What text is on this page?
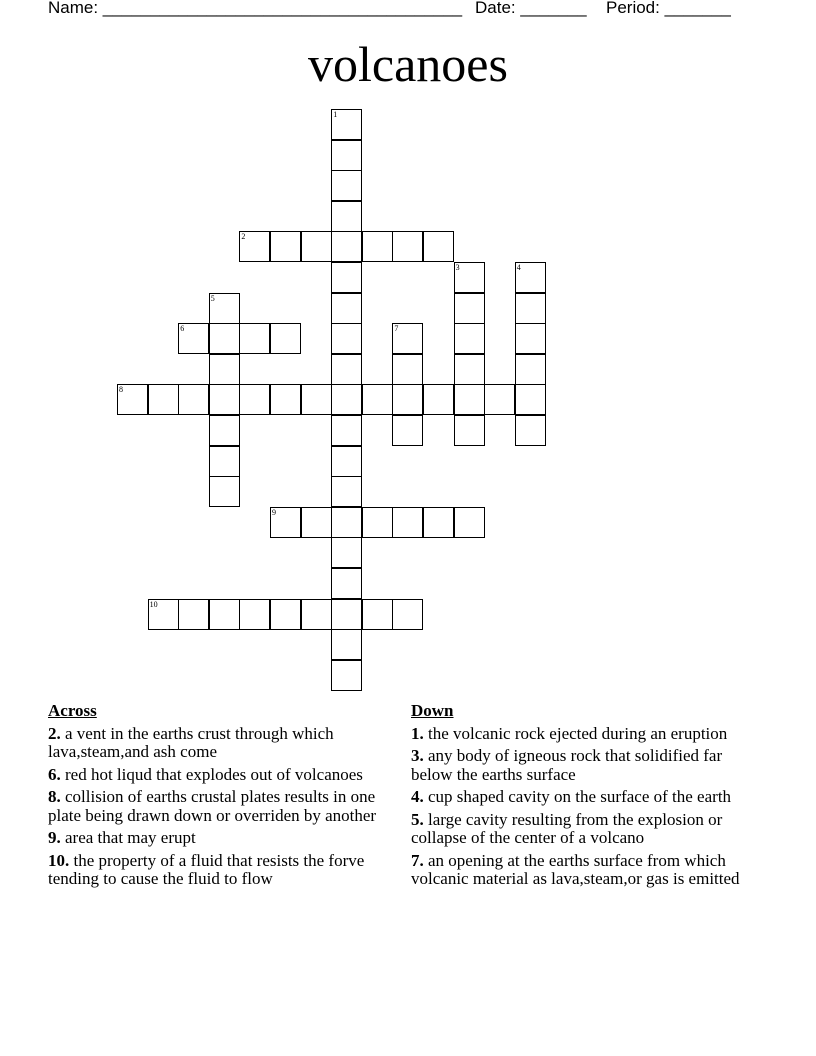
Name: ______________________________________ Date: _______ Period: _______
volcanoes
1
2
3	4
5
6	7
8
9
10
Across
2. a vent in the earths crust through which lava,steam,and ash come
6. red hot liqud that explodes out of volcanoes
8. collision of earths crustal plates results in one plate being drawn down or overriden by another
9. area that may erupt
10. the property of a fluid that resists the forve tending to cause the fluid to flow
Down
1. the volcanic rock ejected during an eruption
3. any body of igneous rock that solidified far below the earths surface
4. cup shaped cavity on the surface of the earth
5. large cavity resulting from the explosion or collapse of the center of a volcano
7. an opening at the earths surface from which volcanic material as lava,steam,or gas is emitted
